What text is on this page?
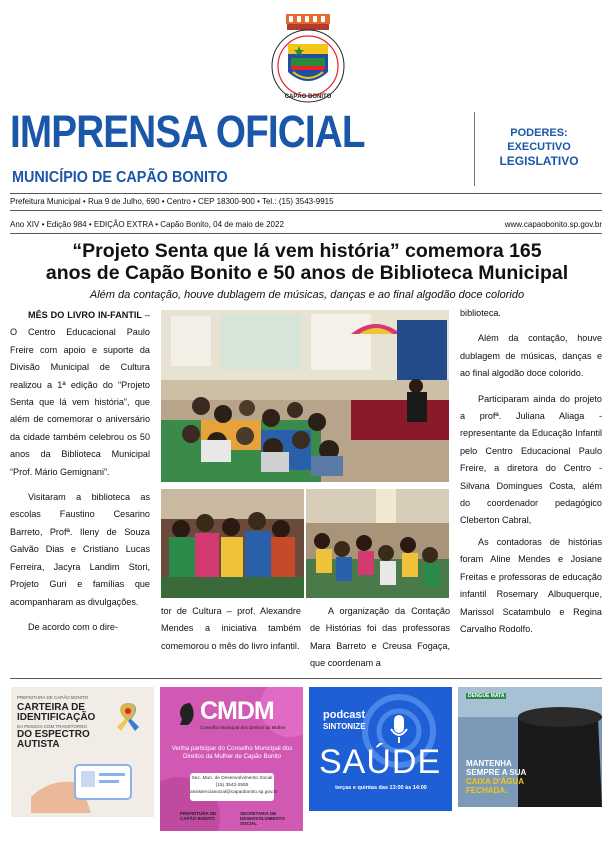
CAPÃO BONITO
IMPRENSA OFICIAL
MUNICÍPIO DE CAPÃO BONITO
PODERES:
EXECUTIVO
LEGISLATIVO
Prefeitura Municipal • Rua 9 de Julho, 690 • Centro • CEP 18300-900 • Tel.: (15) 3543-9915
Ano XIV • Edição 984 • EDIÇÃO EXTRA • Capão Bonito, 04 de maio de 2022	www.capaobonito.sp.gov.br
“Projeto Senta que lá vem história” comemora 165
anos de Capão Bonito e 50 anos de Biblioteca Municipal
Além da contação, houve dublagem de músicas, danças e ao final algodão doce colorido

MÊS DO LIVRO IN-FANTIL – O Centro Educacional Paulo Freire com apoio e suporte da Divisão Municipal de Cultura realizou a 1ª edição do “Projeto Senta que lá vem história”, que além de comemorar o aniversário da cidade também celebrou os 50 anos da Biblioteca Municipal “Prof. Mário Gemignani”.

Visitaram a biblioteca as escolas Faustino Cesarino Barreto, Profª. Ileny de Souza Galvão Dias e Cristiano Lucas Ferreira, Jacyra Landim Stori, Projeto Guri e famílias que acompanharam as divulgações.

De acordo com o dire-

tor de Cultura – prof. Alexandre Mendes a iniciativa também comemorou o mês do livro infantil.

A organização da Contação de Histórias foi das professoras Mara Barreto e Creusa Fogaça, que coordenam a

biblioteca.

Além da contação, houve dublagem de músicas, danças e ao final algodão doce colorido.

Participaram ainda do projeto a profª. Juliana Aliaga - representante da Educação Infantil pelo Centro Educacional Paulo Freire, a diretora do Centro - Silvana Domingues Costa, além do coordenador pedagógico Cleberton Cabral,

As contadoras de histórias foram Aline Mendes e Josiane Freitas e professoras de educação infantil Rosemary Albuquerque, Marissol Scatambulo e Regina Carvalho Rodolfo.

PREFEITURA DE CAPÃO BONITO
CARTEIRA DE
IDENTIFICAÇÃO
DA PESSOA COM TRANSTORNO
DO ESPECTRO
AUTISTA
CMDM
Conselho Municipal dos Direitos da Mulher
Venha participar do Conselho Municipal dos Direitos da Mulher de Capão Bonito
Sec. Mun. de Desenvolvimento Social (15) 3542-2555 assistenciasocial@capaobonito.sp.gov.br
PREFEITURA DE CAPÃO BONITO
SECRETARIA DE DESENVOLVIMENTO SOCIAL
podcast
SINTONIZE
SAÚDE
terças e quintas das 13:00 às 14:00
DENGUE MATA
MANTENHA
SEMPRE A SUA
CAIXA D'ÁGUA
FECHADA.
